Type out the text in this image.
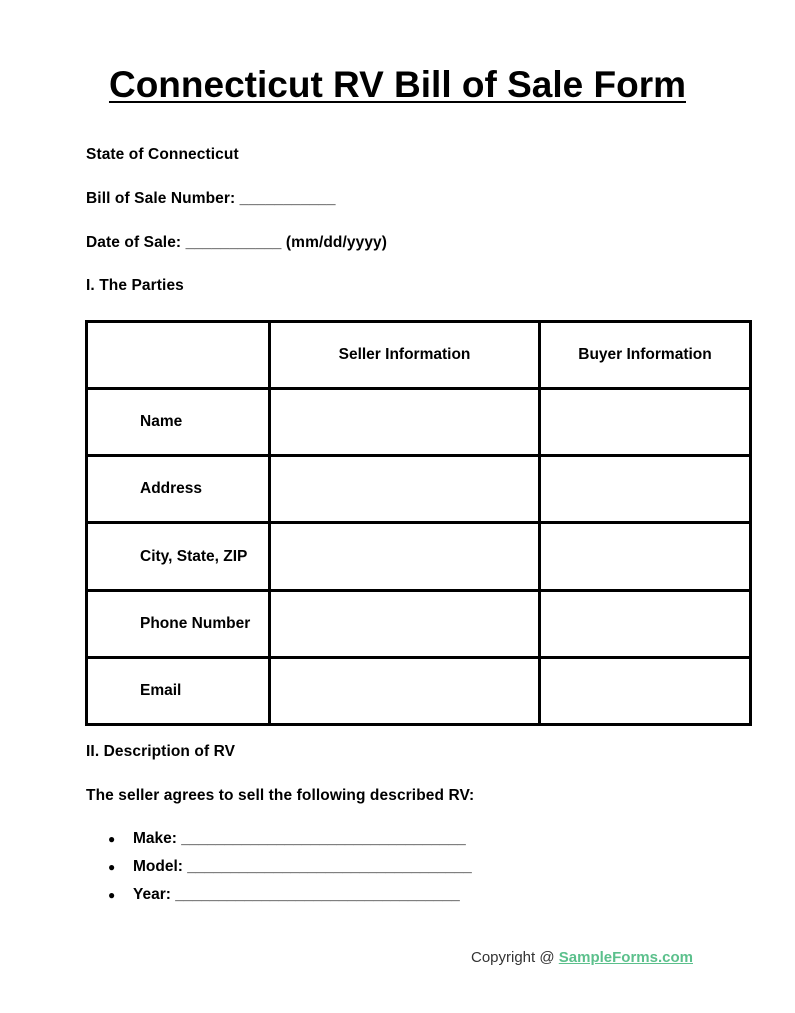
Connecticut RV Bill of Sale Form
State of Connecticut
Bill of Sale Number: ___________
Date of Sale: ___________ (mm/dd/yyyy)
I. The Parties
	Seller Information	Buyer Information
Name		
Address		
City, State, ZIP		
Phone Number		
Email		
II. Description of RV
The seller agrees to sell the following described RV:
● Make: _________________________________
● Model: _________________________________
● Year: _________________________________
Copyright @ SampleForms.com
